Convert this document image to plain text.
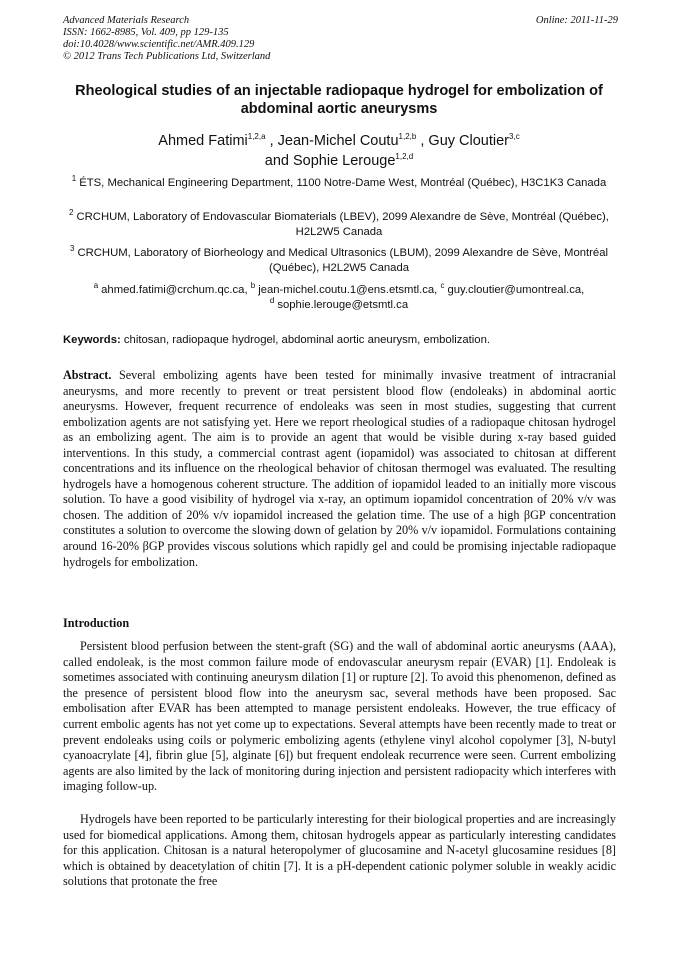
Advanced Materials Research
ISSN: 1662-8985, Vol. 409, pp 129-135
doi:10.4028/www.scientific.net/AMR.409.129
© 2012 Trans Tech Publications Ltd, Switzerland
Online: 2011-11-29
Rheological studies of an injectable radiopaque hydrogel for embolization of abdominal aortic aneurysms
Ahmed Fatimi$^{1,2,a}$ , Jean-Michel Coutu$^{1,2,b}$ , Guy Cloutier$^{3,c}$
and Sophie Lerouge$^{1,2,d}$
$^1$ ÉTS, Mechanical Engineering Department, 1100 Notre-Dame West, Montréal (Québec), H3C1K3 Canada
$^2$ CRCHUM, Laboratory of Endovascular Biomaterials (LBEV), 2099 Alexandre de Sève, Montréal (Québec), H2L2W5 Canada
$^3$ CRCHUM, Laboratory of Biorheology and Medical Ultrasonics (LBUM), 2099 Alexandre de Sève, Montréal (Québec), H2L2W5 Canada
$^a$ ahmed.fatimi@crchum.qc.ca, $^b$ jean-michel.coutu.1@ens.etsmtl.ca, $^c$ guy.cloutier@umontreal.ca,
$^d$ sophie.lerouge@etsmtl.ca
Keywords: chitosan, radiopaque hydrogel, abdominal aortic aneurysm, embolization.
Abstract. Several embolizing agents have been tested for minimally invasive treatment of intracranial aneurysms, and more recently to prevent or treat persistent blood flow (endoleaks) in abdominal aortic aneurysms. However, frequent recurrence of endoleaks was seen in most studies, suggesting that current embolization agents are not satisfying yet. Here we report rheological studies of a radiopaque chitosan hydrogel as an embolizing agent. The aim is to provide an agent that would be visible during x-ray based guided interventions. In this study, a commercial contrast agent (iopamidol) was associated to chitosan at different concentrations and its influence on the rheological behavior of chitosan thermogel was evaluated. The resulting hydrogels have a homogenous coherent structure. The addition of iopamidol leaded to an initially more viscous solution. To have a good visibility of hydrogel via x-ray, an optimum iopamidol concentration of 20% v/v was chosen. The addition of 20% v/v iopamidol increased the gelation time. The use of a high βGP concentration constitutes a solution to overcome the slowing down of gelation by 20% v/v iopamidol. Formulations containing around 16-20% βGP provides viscous solutions which rapidly gel and could be promising injectable radiopaque hydrogels for embolization.
Introduction
Persistent blood perfusion between the stent-graft (SG) and the wall of abdominal aortic aneurysms (AAA), called endoleak, is the most common failure mode of endovascular aneurysm repair (EVAR) [1]. Endoleak is sometimes associated with continuing aneurysm dilation [1] or rupture [2]. To avoid this phenomenon, defined as the presence of persistent blood flow into the aneurysm sac, several methods have been proposed. Sac embolisation after EVAR has been attempted to manage persistent endoleaks. However, the true efficacy of current embolic agents has not yet come up to expectations. Several attempts have been recently made to treat or prevent endoleaks using coils or polymeric embolizing agents (ethylene vinyl alcohol copolymer [3], N-butyl cyanoacrylate [4], fibrin glue [5], alginate [6]) but frequent endoleak recurrence were seen. Current embolizing agents are also limited by the lack of monitoring during injection and persistent radiopacity which interferes with imaging follow-up.
Hydrogels have been reported to be particularly interesting for their biological properties and are increasingly used for biomedical applications. Among them, chitosan hydrogels appear as particularly interesting candidates for this application. Chitosan is a natural heteropolymer of glucosamine and N-acetyl glucosamine residues [8] which is obtained by deacetylation of chitin [7]. It is a pH-dependent cationic polymer soluble in weakly acidic solutions that protonate the free
